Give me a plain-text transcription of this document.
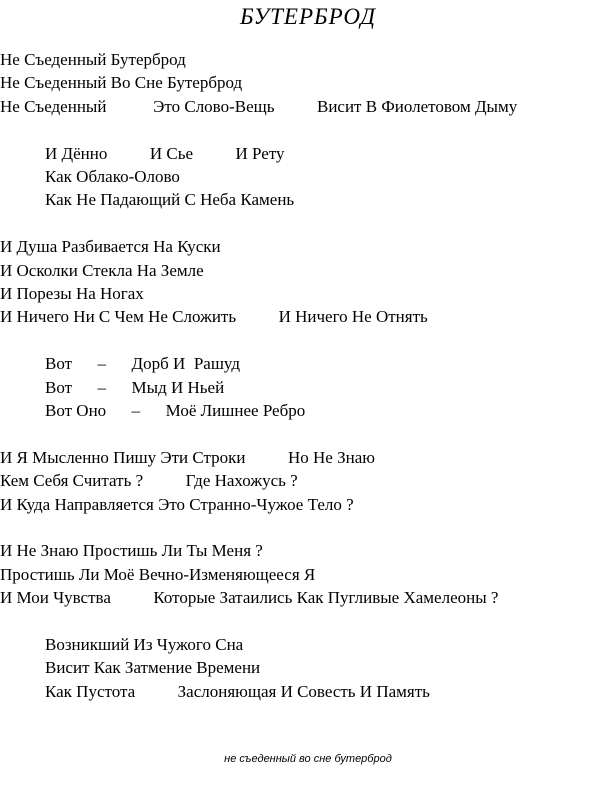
БУТЕРБРОД
Не Съеденный Бутерброд
Не Съеденный Во Сне Бутерброд
Не Съеденный           Это Слово-Вещь          Висит В Фиолетовом Дыму
И Дённо          И Сье          И Рету
Как Облако-Олово
Как Не Падающий С Неба Камень
И Душа Разбивается На Куски
И Осколки Стекла На Земле
И Порезы На Ногах
И Ничего Ни С Чем Не Сложить          И Ничего Не Отнять
Вот      –      Дорб И  Рашуд
Вот      –      Мыд И Ньей
Вот Оно      –      Моё Лишнее Ребро
И Я Мысленно Пишу Эти Строки          Но Не Знаю
Кем Себя Считать ?          Где Нахожусь ?
И Куда Направляется Это Странно-Чужое Тело ?
И Не Знаю Простишь Ли Ты Меня ?
Простишь Ли Моё Вечно-Изменяющееся Я
И Мои Чувства          Которые Затаились Как Пугливые Хамелеоны ?
Возникший Из Чужого Сна
Висит Как Затмение Времени
Как Пустота          Заслоняющая И Совесть И Память
не съеденный во сне бутерброд
